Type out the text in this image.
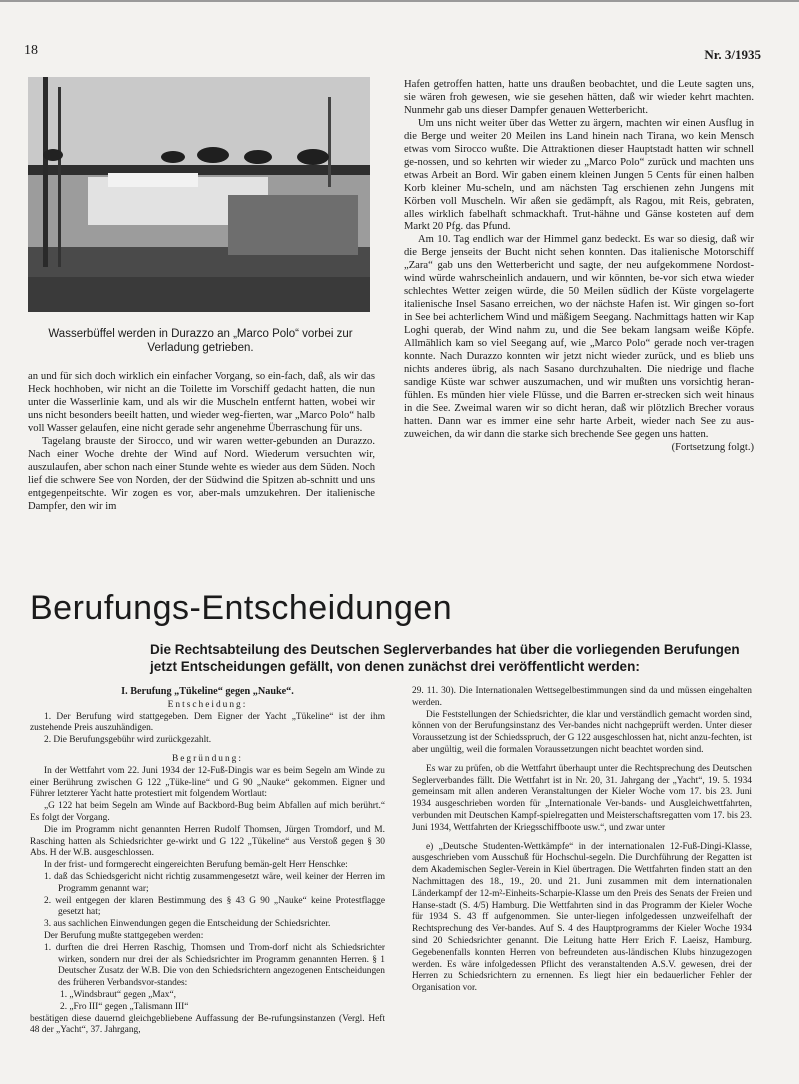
18	Nr. 3/1935
Wasserbüffel werden in Durazzo an „Marco Polo“ vorbei zur Verladung getrieben.

an und für sich doch wirklich ein einfacher Vorgang, so ein-fach, daß, als wir das Heck hochhoben, wir nicht an die Toilette im Vorschiff gedacht hatten, die nun unter die Wasserlinie kam, und als wir die Muscheln entfernt hatten, wobei wir uns nicht besonders beeilt hatten, und wieder weg-fierten, war „Marco Polo“ halb voll Wasser gelaufen, eine nicht gerade sehr angenehme Überraschung für uns.

Tagelang brauste der Sirocco, und wir waren wetter-gebunden an Durazzo. Nach einer Woche drehte der Wind auf Nord. Wiederum versuchten wir, auszulaufen, aber schon nach einer Stunde wehte es wieder aus dem Süden. Noch lief die schwere See von Norden, der der Südwind die Spitzen ab-schnitt und uns entgegenpeitschte. Wir zogen es vor, aber-mals umzukehren. Der italienische Dampfer, den wir im

Hafen getroffen hatten, hatte uns draußen beobachtet, und die Leute sagten uns, sie wären froh gewesen, wie sie gesehen hätten, daß wir wieder kehrt machten. Nunmehr gab uns dieser Dampfer genauen Wetterbericht.

Um uns nicht weiter über das Wetter zu ärgern, machten wir einen Ausflug in die Berge und weiter 20 Meilen ins Land hinein nach Tirana, wo kein Mensch etwas vom Sirocco wußte. Die Attraktionen dieser Hauptstadt hatten wir schnell ge-nossen, und so kehrten wir wieder zu „Marco Polo“ zurück und machten uns etwas Arbeit an Bord. Wir gaben einem kleinen Jungen 5 Cents für einen halben Korb kleiner Mu-scheln, und am nächsten Tag erschienen zehn Jungens mit Körben voll Muscheln. Wir aßen sie gedämpft, als Ragou, mit Reis, gebraten, alles wirklich fabelhaft schmackhaft. Trut-hähne und Gänse kosteten auf dem Markt 20 Pfg. das Pfund.

Am 10. Tag endlich war der Himmel ganz bedeckt. Es war so diesig, daß wir die Berge jenseits der Bucht nicht sehen konnten. Das italienische Motorschiff „Zara“ gab uns den Wetterbericht und sagte, der neu aufgekommene Nordost-wind würde wahrscheinlich andauern, und wir könnten, be-vor sich etwa wieder schlechtes Wetter zeigen würde, die 50 Meilen südlich der Küste vorgelagerte italienische Insel Sasano erreichen, wo der nächste Hafen ist. Wir gingen so-fort in See bei achterlichem Wind und mäßigem Seegang. Nachmittags hatten wir Kap Loghi querab, der Wind nahm zu, und die See bekam langsam weiße Köpfe. Allmählich kam so viel Seegang auf, wie „Marco Polo“ gerade noch ver-tragen konnte. Nach Durazzo konnten wir jetzt nicht wieder zurück, und es blieb uns nichts anderes übrig, als nach Sasano durchzuhalten. Die niedrige und flache sandige Küste war schwer auszumachen, und wir mußten uns vorsichtig heran-fühlen. Es münden hier viele Flüsse, und die Barren er-strecken sich weit hinaus in die See. Zweimal waren wir so dicht heran, daß wir plötzlich Brecher voraus hatten. Dann war es immer eine sehr harte Arbeit, wieder nach See zu aus-zuweichen, da wir dann die starke sich brechende See gegen uns hatten.

(Fortsetzung folgt.)

Berufungs-Entscheidungen
Die Rechtsabteilung des Deutschen Seglerverbandes hat über die vorliegenden Berufungen jetzt Entscheidungen gefällt, von denen zunächst drei veröffentlicht werden:

I. Berufung „Tükeline“ gegen „Nauke“.

Entscheidung:

1. Der Berufung wird stattgegeben. Dem Eigner der Yacht „Tükeline“ ist der ihm zustehende Preis auszuhändigen.

2. Die Berufungsgebühr wird zurückgezahlt.

Begründung:

In der Wettfahrt vom 22. Juni 1934 der 12-Fuß-Dingis war es beim Segeln am Winde zu einer Berührung zwischen G 122 „Tüke-line“ und G 90 „Nauke“ gekommen. Eigner und Führer letzterer Yacht hatte protestiert mit folgendem Wortlaut:

„G 122 hat beim Segeln am Winde auf Backbord-Bug beim Abfallen auf mich berührt.“ Es folgt der Vorgang.

Die im Programm nicht genannten Herren Rudolf Thomsen, Jürgen Tromdorf, und M. Rasching hatten als Schiedsrichter ge-wirkt und G 122 „Tükeline“ aus Verstoß gegen § 30 Abs. H der W.B. ausgeschlossen.

In der frist- und formgerecht eingereichten Berufung bemän-gelt Herr Henschke:

1. daß das Schiedsgericht nicht richtig zusammengesetzt wäre, weil keiner der Herren im Programm genannt war;

2. weil entgegen der klaren Bestimmung des § 43 G 90 „Nauke“ keine Protestflagge gesetzt hat;

3. aus sachlichen Einwendungen gegen die Entscheidung der Schiedsrichter.

Der Berufung mußte stattgegeben werden:

1. durften die drei Herren Raschig, Thomsen und Trom-dorf nicht als Schiedsrichter wirken, sondern nur drei der als Schiedsrichter im Programm genannten Herren. § 1 Deutscher Zusatz der W.B. Die von den Schiedsrichtern angezogenen Entscheidungen des früheren Verbandsvor-standes:

1. „Windsbraut“ gegen „Max“,

2. „Fro III“ gegen „Talismann III“

bestätigen diese dauernd gleichgebliebene Auffassung der Be-rufungsinstanzen (Vergl. Heft 48 der „Yacht“, 37. Jahrgang,

29. 11. 30). Die Internationalen Wettsegelbestimmungen sind da und müssen eingehalten werden.

Die Feststellungen der Schiedsrichter, die klar und verständlich gemacht worden sind, können von der Berufungsinstanz des Ver-bandes nicht nachgeprüft werden. Unter dieser Voraussetzung ist der Schiedsspruch, der G 122 ausgeschlossen hat, nicht anzu-fechten, ist aber ungültig, weil die formalen Voraussetzungen nicht beachtet worden sind.

Es war zu prüfen, ob die Wettfahrt überhaupt unter die Rechtsprechung des Deutschen Seglerverbandes fällt. Die Wettfahrt ist in Nr. 20, 31. Jahrgang der „Yacht“, 19. 5. 1934 gemeinsam mit allen anderen Veranstaltungen der Kieler Woche vom 17. bis 23. Juni 1934 ausgeschrieben worden für „Internationale Ver-bands- und Ausgleichwettfahrten, verbunden mit Deutschen Kampf-spielregatten und Meisterschaftsregatten vom 17. bis 23. Juni 1934, Wettfahrten der Kriegsschiffboote usw.“, und zwar unter

e) „Deutsche Studenten-Wettkämpfe“ in der internationalen 12-Fuß-Dingi-Klasse, ausgeschrieben vom Ausschuß für Hochschul-segeln. Die Durchführung der Regatten ist dem Akademischen Segler-Verein in Kiel übertragen. Die Wettfahrten finden statt an den Nachmittagen des 18., 19., 20. und 21. Juni zusammen mit dem internationalen Länderkampf der 12-m²-Einheits-Scharpie-Klasse um den Preis des Senats der Freien und Hanse-stadt (S. 4/5) Hamburg. Die Wettfahrten sind in das Programm der Kieler Woche für 1934 S. 43 ff aufgenommen. Sie unter-liegen infolgedessen unzweifelhaft der Rechtsprechung des Ver-bandes. Auf S. 4 des Hauptprogramms der Kieler Woche 1934 sind 20 Schiedsrichter genannt. Die Leitung hatte Herr Erich F. Laeisz, Hamburg. Gegebenenfalls konnten Herren von befreundeten aus-ländischen Klubs hinzugezogen werden. Es wäre infolgedessen Pflicht des veranstaltenden A.S.V. gewesen, drei der Herren zu Schiedsrichtern zu ernennen. Es liegt hier ein bedauerlicher Fehler der Organisation vor.
